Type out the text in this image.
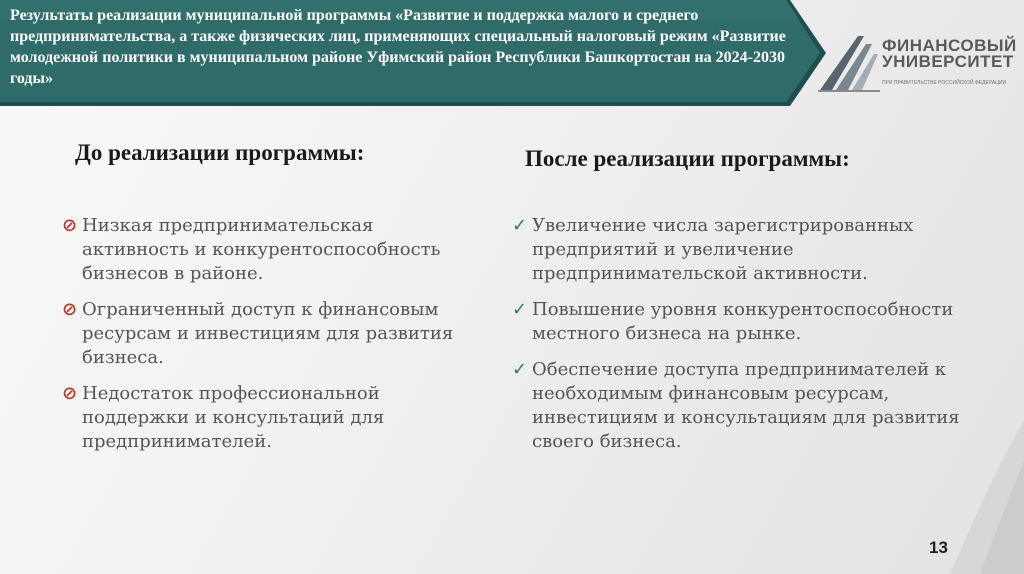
Результаты реализации муниципальной программы «Развитие и поддержка малого и среднего предпринимательства, а также физических лиц, применяющих специальный налоговый режим «Развитие молодежной политики в муниципальном районе Уфимский район Республики Башкортостан на 2024-2030 годы»
ФИНАНСОВЫЙ
УНИВЕРСИТЕТ
ПРИ ПРАВИТЕЛЬСТВЕ РОССИЙСКОЙ ФЕДЕРАЦИИ
До реализации программы:	После реализации программы:
⊘ Низкая предпринимательская активность и конкурентоспособность бизнесов в районе.
⊘ Ограниченный доступ к финансовым ресурсам и инвестициям для развития бизнеса.
⊘ Недостаток профессиональной поддержки и консультаций для предпринимателей.
✓ Увеличение числа зарегистрированных предприятий и увеличение предпринимательской активности.
✓ Повышение уровня конкурентоспособности местного бизнеса на рынке.
✓ Обеспечение доступа предпринимателей к необходимым финансовым ресурсам, инвестициям и консультациям для развития своего бизнеса.
13
